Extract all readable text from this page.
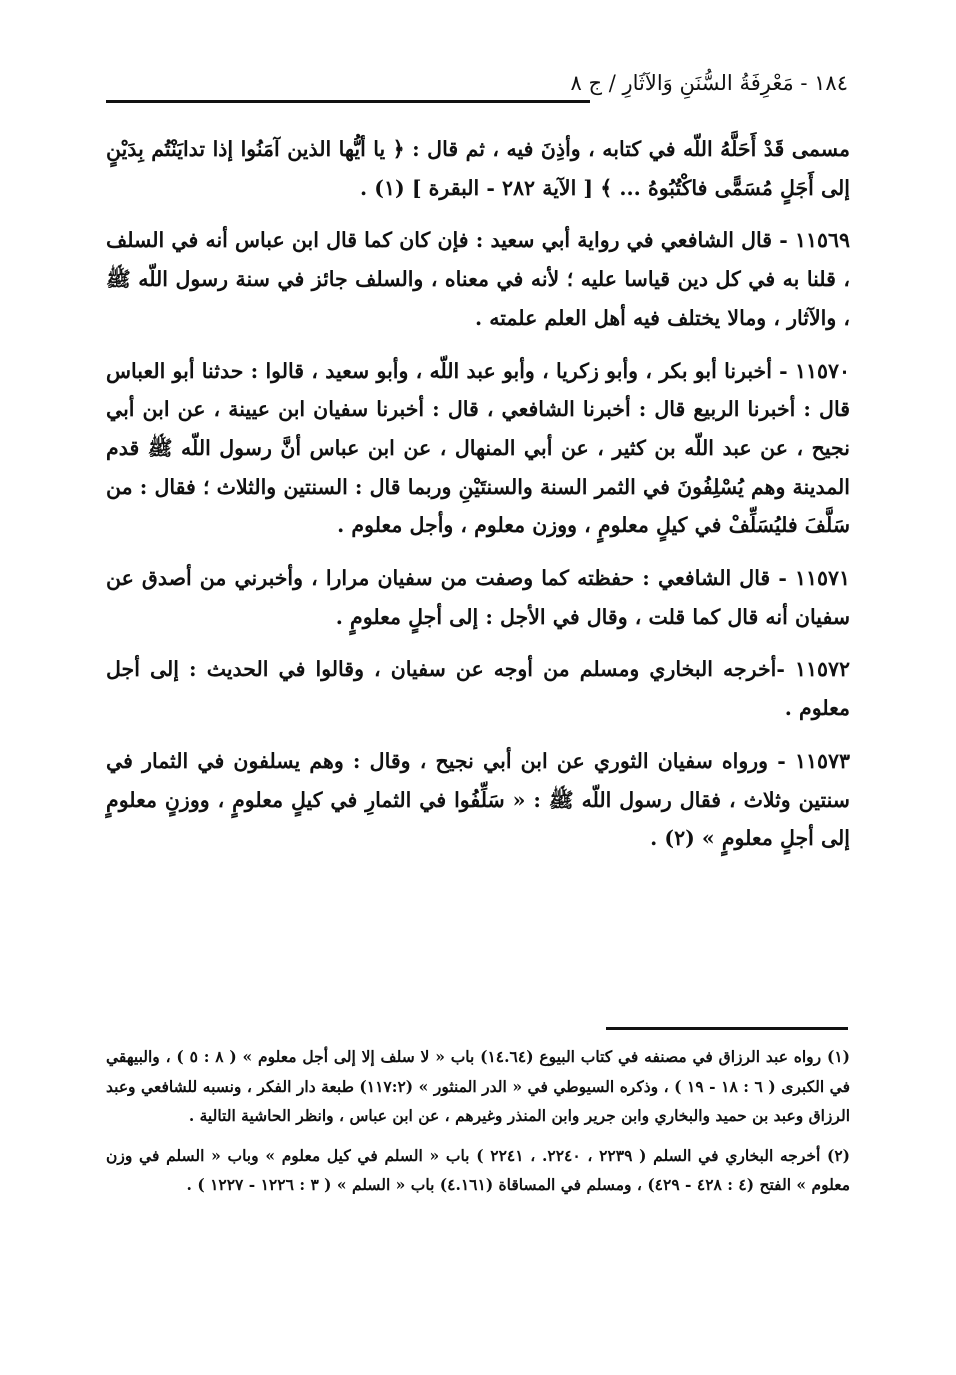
١٨٤ - مَعْرِفَةُ السُّنَنِ وَالآثَارِ / ج ٨

مسمى قَدْ أَحَلَّهُ اللّه في كتابه ، وأذِنَ فيه ، ثم قال : ﴿ يا أيُّها الذين آمَنُوا إذا تدايَنْتُم بِدَيْنٍ إلى أَجَلٍ مُسَمًّى فاكْتُبُوهُ ... ﴾ [ الآية ٢٨٢ - البقرة ] (١) .

١١٥٦٩ - قال الشافعي في رواية أبي سعيد : فإن كان كما قال ابن عباس أنه في السلف ، قلنا به في كل دين قياسا عليه ؛ لأنه في معناه ، والسلف جائز في سنة رسول اللّه ﷺ ، والآثار ، ومالا يختلف فيه أهل العلم علمته .

١١٥٧٠ - أخبرنا أبو بكر ، وأبو زكريا ، وأبو عبد اللّه ، وأبو سعيد ، قالوا : حدثنا أبو العباس قال : أخبرنا الربيع قال : أخبرنا الشافعي ، قال : أخبرنا سفيان ابن عيينة ، عن ابن أبي نجيح ، عن عبد اللّه بن كثير ، عن أبي المنهال ، عن ابن عباس أنَّ رسول اللّه ﷺ قدم المدينة وهم يُسْلِفُونَ في الثمر السنة والسنتَيْنِ وربما قال : السنتين والثلاث ؛ فقال : من سَلَّفَ فليُسَلِّفْ في كيلٍ معلومٍ ، ووزن معلوم ، وأجل معلوم .

١١٥٧١ - قال الشافعي : حفظته كما وصفت من سفيان مرارا ، وأخبرني من أصدق عن سفيان أنه قال كما قلت ، وقال في الأجل : إلى أجلٍ معلومٍ .

١١٥٧٢ -أخرجه البخاري ومسلم من أوجه عن سفيان ، وقالوا في الحديث : إلى أجل معلوم .

١١٥٧٣ - ورواه سفيان الثوري عن ابن أبي نجيح ، وقال : وهم يسلفون في الثمار في سنتين وثلاث ، فقال رسول اللّه ﷺ : « سَلِّفُوا في الثمارِ في كيلٍ معلومٍ ، ووزنٍ معلومٍ إلى أجلٍ معلومٍ » (٢) .

(١) رواه عبد الرزاق في مصنفه في كتاب البيوع (١٤.٦٤) باب « لا سلف إلا إلى أجل معلوم » ( ٨ : ٥ ) ، والبيهقي في الكبرى ( ٦ : ١٨ - ١٩ ) ، وذكره السيوطي في « الدر المنثور » (١١٧:٢) طبعة دار الفكر ، ونسبه للشافعي وعبد الرزاق وعبد بن حميد والبخاري وابن جرير وابن المنذر وغيرهم ، عن ابن عباس ، وانظر الحاشية التالية .

(٢) أخرجه البخاري في السلم ( ٢٢٣٩ ، ٢٢٤٠. ، ٢٢٤١ ) باب « السلم في كيل معلوم » وباب « السلم في وزن معلوم » الفتح (٤ : ٤٢٨ - ٤٢٩) ، ومسلم في المساقاة (٤.١٦١) باب « السلم » ( ٣ : ١٢٢٦ - ١٢٢٧ ) .
